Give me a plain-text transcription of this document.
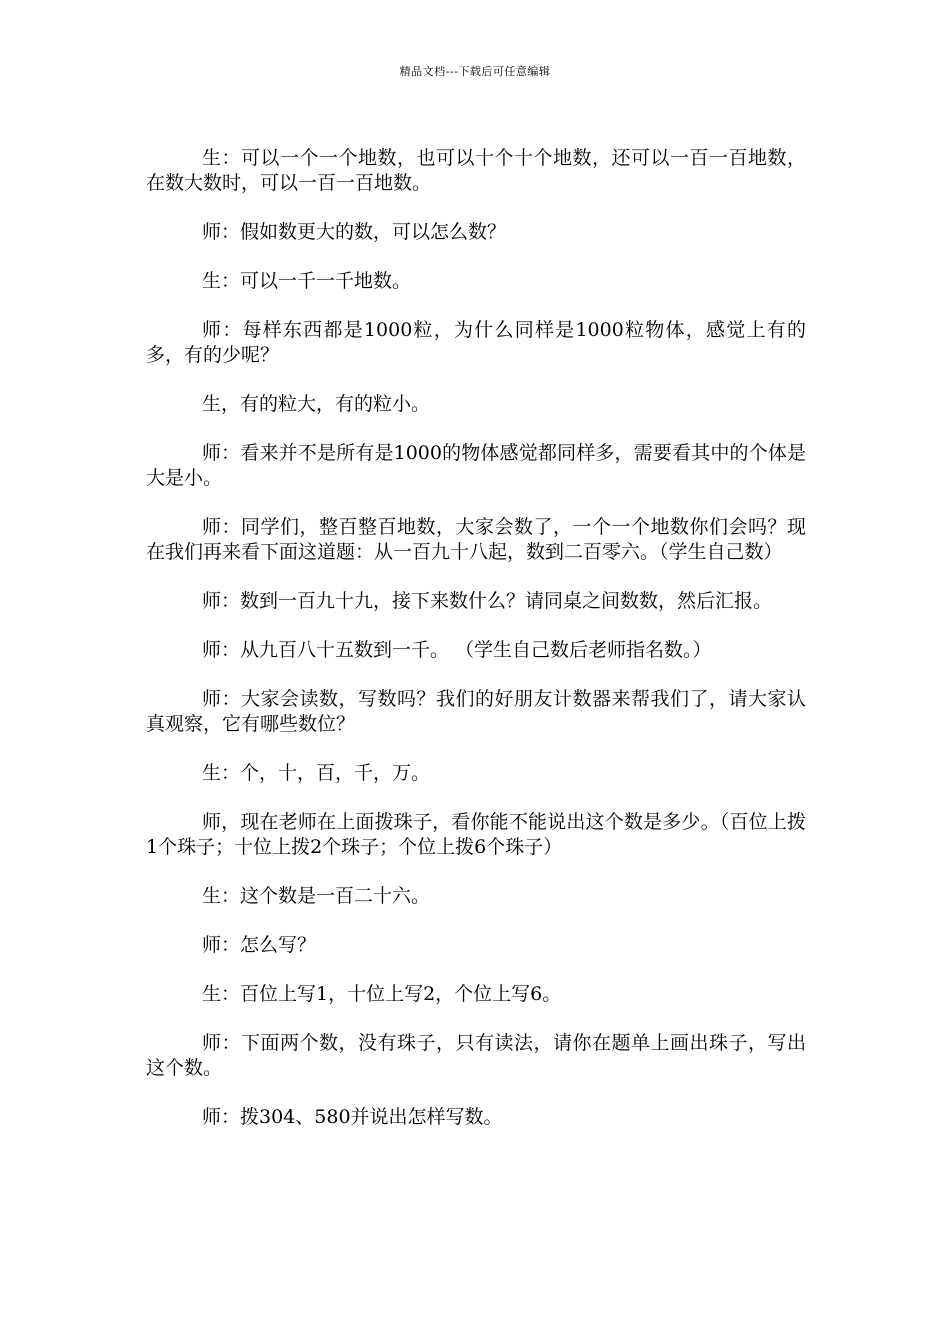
精品文档---下载后可任意编辑

生：可以一个一个地数，也可以十个十个地数，还可以一百一百地数，在数大数时，可以一百一百地数。

师：假如数更大的数，可以怎么数？

生：可以一千一千地数。

师：每样东西都是1000粒，为什么同样是1000粒物体，感觉上有的多，有的少呢？

生，有的粒大，有的粒小。

师：看来并不是所有是1000的物体感觉都同样多，需要看其中的个体是大是小。

师：同学们，整百整百地数，大家会数了，一个一个地数你们会吗？现在我们再来看下面这道题：从一百九十八起，数到二百零六。（学生自己数）

师：数到一百九十九，接下来数什么？请同桌之间数数，然后汇报。

师：从九百八十五数到一千。 （学生自己数后老师指名数。）

师：大家会读数，写数吗？我们的好朋友计数器来帮我们了，请大家认真观察，它有哪些数位？

生：个，十，百，千，万。

师，现在老师在上面拨珠子，看你能不能说出这个数是多少。（百位上拨1个珠子；十位上拨2个珠子；个位上拨6个珠子）

生：这个数是一百二十六。

师：怎么写？

生：百位上写1，十位上写2，个位上写6。

师：下面两个数，没有珠子，只有读法，请你在题单上画出珠子，写出这个数。

师：拨304、580并说出怎样写数。
